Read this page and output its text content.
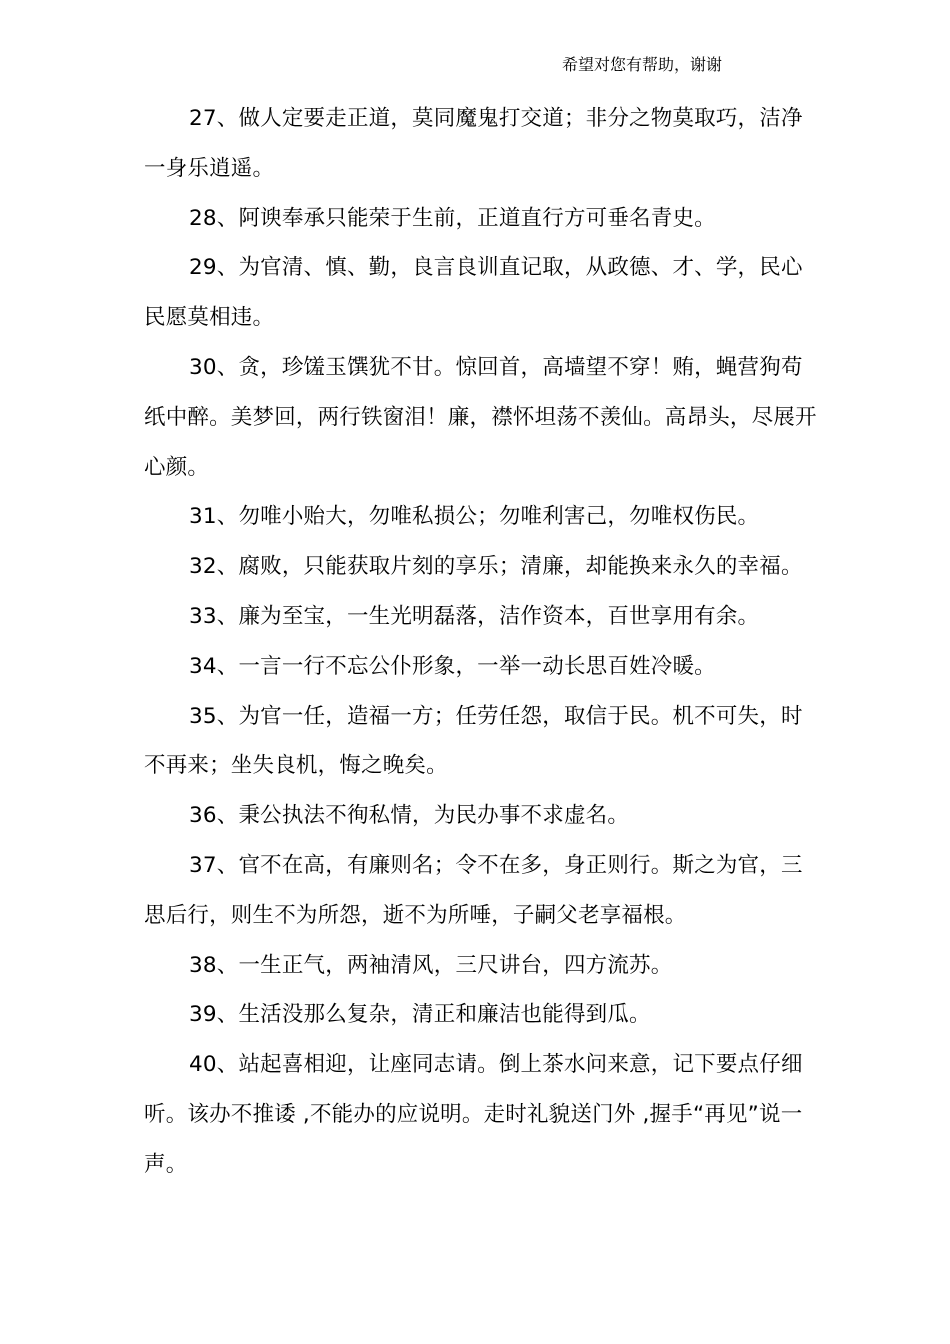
希望对您有帮助，谢谢

27、做人定要走正道，莫同魔鬼打交道；非分之物莫取巧，洁净一身乐逍遥。

28、阿谀奉承只能荣于生前，正道直行方可垂名青史。

29、为官清、慎、勤，良言良训直记取，从政德、才、学，民心民愿莫相违。

30、贪，珍馐玉馔犹不甘。惊回首，高墙望不穿！贿，蝇营狗苟纸中醉。美梦回，两行铁窗泪！廉，襟怀坦荡不羡仙。高昂头，尽展开心颜。

31、勿唯小贻大，勿唯私损公；勿唯利害己，勿唯权伤民。

32、腐败，只能获取片刻的享乐；清廉，却能换来永久的幸福。

33、廉为至宝，一生光明磊落，洁作资本，百世享用有余。

34、一言一行不忘公仆形象，一举一动长思百姓冷暖。

35、为官一任，造福一方；任劳任怨，取信于民。机不可失，时不再来；坐失良机，悔之晚矣。

36、秉公执法不徇私情，为民办事不求虚名。

37、官不在高，有廉则名；令不在多，身正则行。斯之为官，三思后行，则生不为所怨，逝不为所唾，子嗣父老享福根。

38、一生正气，两袖清风，三尺讲台，四方流苏。

39、生活没那么复杂，清正和廉洁也能得到瓜。

40、站起喜相迎，让座同志请。倒上茶水问来意，记下要点仔细听。该办不推诿 ,不能办的应说明。走时礼貌送门外 ,握手“再见”说一声。
